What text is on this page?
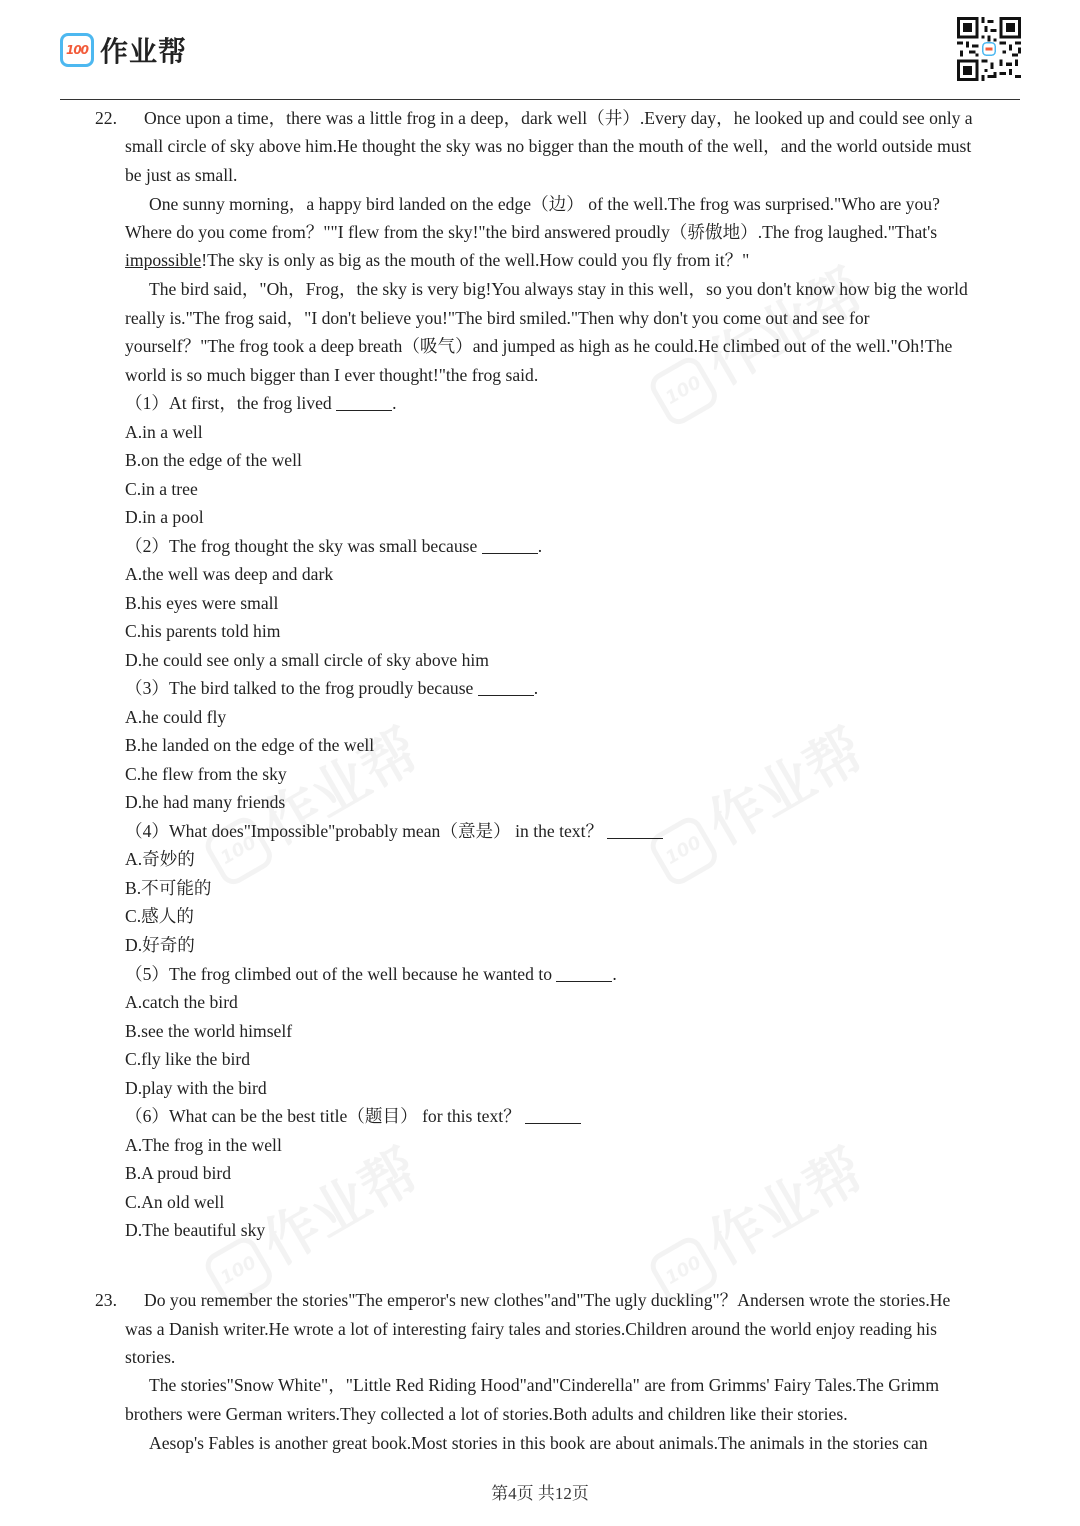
100 作业帮
22. Once upon a time，there was a little frog in a deep，dark well（井）.Every day，he looked up and could see only a
small circle of sky above him.He thought the sky was no bigger than the mouth of the well，and the world outside must
be just as small.
One sunny morning，a happy bird landed on the edge（边） of the well.The frog was surprised."Who are you?
Where do you come from？""I flew from the sky!"the bird answered proudly（骄傲地）.The frog laughed."That's
impossible!The sky is only as big as the mouth of the well.How could you fly from it？"
The bird said，"Oh，Frog，the sky is very big!You always stay in this well，so you don't know how big the world
really is."The frog said，"I don't believe you!"The bird smiled."Then why don't you come out and see for
yourself？"The frog took a deep breath（吸气）and jumped as high as he could.He climbed out of the well."Oh!The
world is so much bigger than I ever thought!"the frog said.
（1）At first，the frog lived	.
A.in a well
B.on the edge of the well
C.in a tree
D.in a pool
（2）The frog thought the sky was small because	.
A.the well was deep and dark
B.his eyes were small
C.his parents told him
D.he could see only a small circle of sky above him
（3）The bird talked to the frog proudly because	.
A.he could fly
B.he landed on the edge of the well
C.he flew from the sky
D.he had many friends
（4）What does"Impossible"probably mean（意是） in the text？
A.奇妙的
B.不可能的
C.感人的
D.好奇的
（5）The frog climbed out of the well because he wanted to	.
A.catch the bird
B.see the world himself
C.fly like the bird
D.play with the bird
（6）What can be the best title（题目） for this text？
A.The frog in the well
B.A proud bird
C.An old well
D.The beautiful sky
23. Do you remember the stories"The emperor's new clothes"and"The ugly duckling"？Andersen wrote the stories.He
was a Danish writer.He wrote a lot of interesting fairy tales and stories.Children around the world enjoy reading his
stories.
The stories"Snow White"，"Little Red Riding Hood"and"Cinderella" are from Grimms' Fairy Tales.The Grimm
brothers were German writers.They collected a lot of stories.Both adults and children like their stories.
Aesop's Fables is another great book.Most stories in this book are about animals.The animals in the stories can
第4页 共12页
